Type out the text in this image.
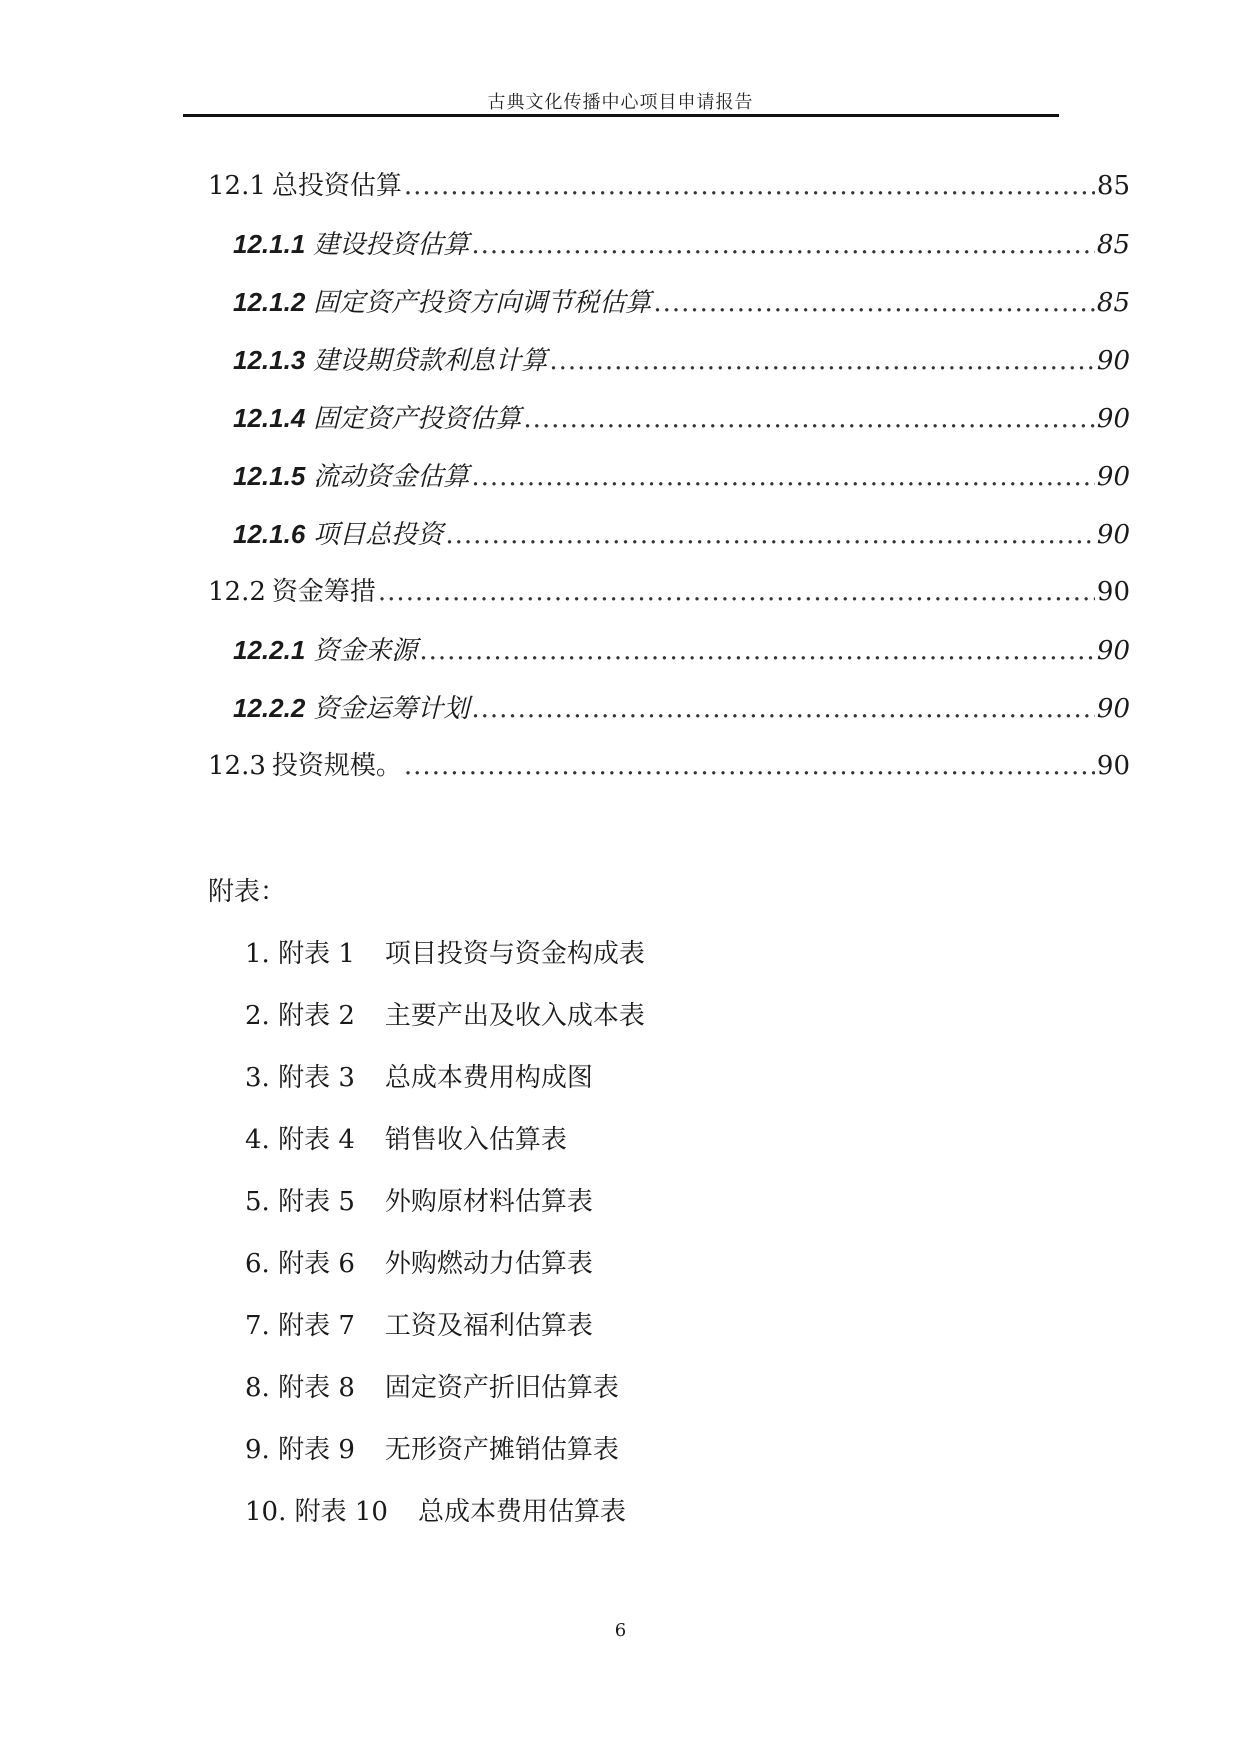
古典文化传播中心项目申请报告
12.1 总投资估算 .....	85
12.1.1 建设投资估算 .....	85
12.1.2 固定资产投资方向调节税估算 .....	85
12.1.3 建设期贷款利息计算 .....	90
12.1.4 固定资产投资估算 .....	90
12.1.5 流动资金估算 .....	90
12.1.6 项目总投资 .....	90
12.2 资金筹措 .....	90
12.2.1 资金来源 .....	90
12.2.2 资金运筹计划 .....	90
12.3 投资规模。 .....	90
附表：
1. 附表 1 项目投资与资金构成表
2. 附表 2 主要产出及收入成本表
3. 附表 3 总成本费用构成图
4. 附表 4 销售收入估算表
5. 附表 5 外购原材料估算表
6. 附表 6 外购燃动力估算表
7. 附表 7 工资及福利估算表
8. 附表 8 固定资产折旧估算表
9. 附表 9 无形资产摊销估算表
10. 附表 10 总成本费用估算表
6
